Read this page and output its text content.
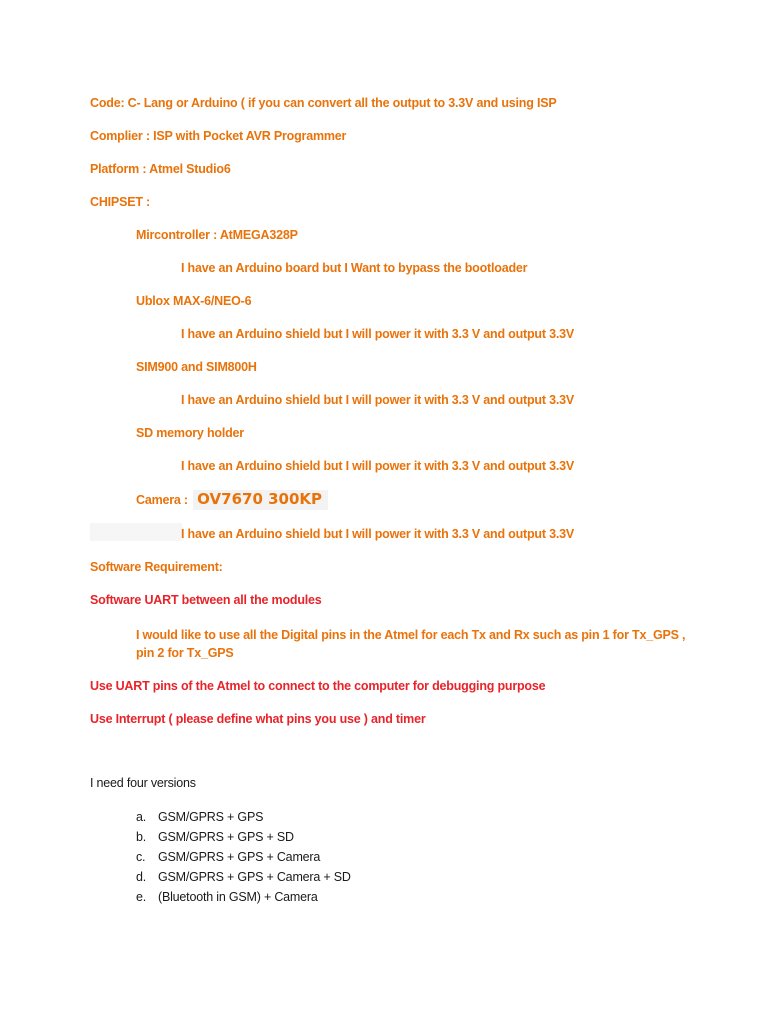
Code: C- Lang or Arduino ( if you can convert all the output to 3.3V and using ISP
Complier : ISP with Pocket AVR Programmer
Platform : Atmel Studio6
CHIPSET :
Mircontroller : AtMEGA328P
I have an Arduino board but I Want to bypass the bootloader
Ublox MAX-6/NEO-6
I have an Arduino shield but I will power it with 3.3 V and output 3.3V
SIM900 and SIM800H
I have an Arduino shield but I will power it with 3.3 V and output 3.3V
SD memory holder
I have an Arduino shield but I will power it with 3.3 V and output 3.3V
Camera : OV7670 300KP
I have an Arduino shield but I will power it with 3.3 V and output 3.3V
Software Requirement:
Software UART between all the modules
I would like to use all the Digital pins in the Atmel for each Tx and Rx such as pin 1 for Tx_GPS ,
pin 2 for Tx_GPS
Use UART pins of the Atmel to connect to the computer for debugging purpose
Use Interrupt ( please define what pins you use ) and timer
I need four versions
a. GSM/GPRS + GPS
b. GSM/GPRS + GPS + SD
c. GSM/GPRS + GPS + Camera
d. GSM/GPRS + GPS + Camera + SD
e. (Bluetooth in GSM) + Camera
